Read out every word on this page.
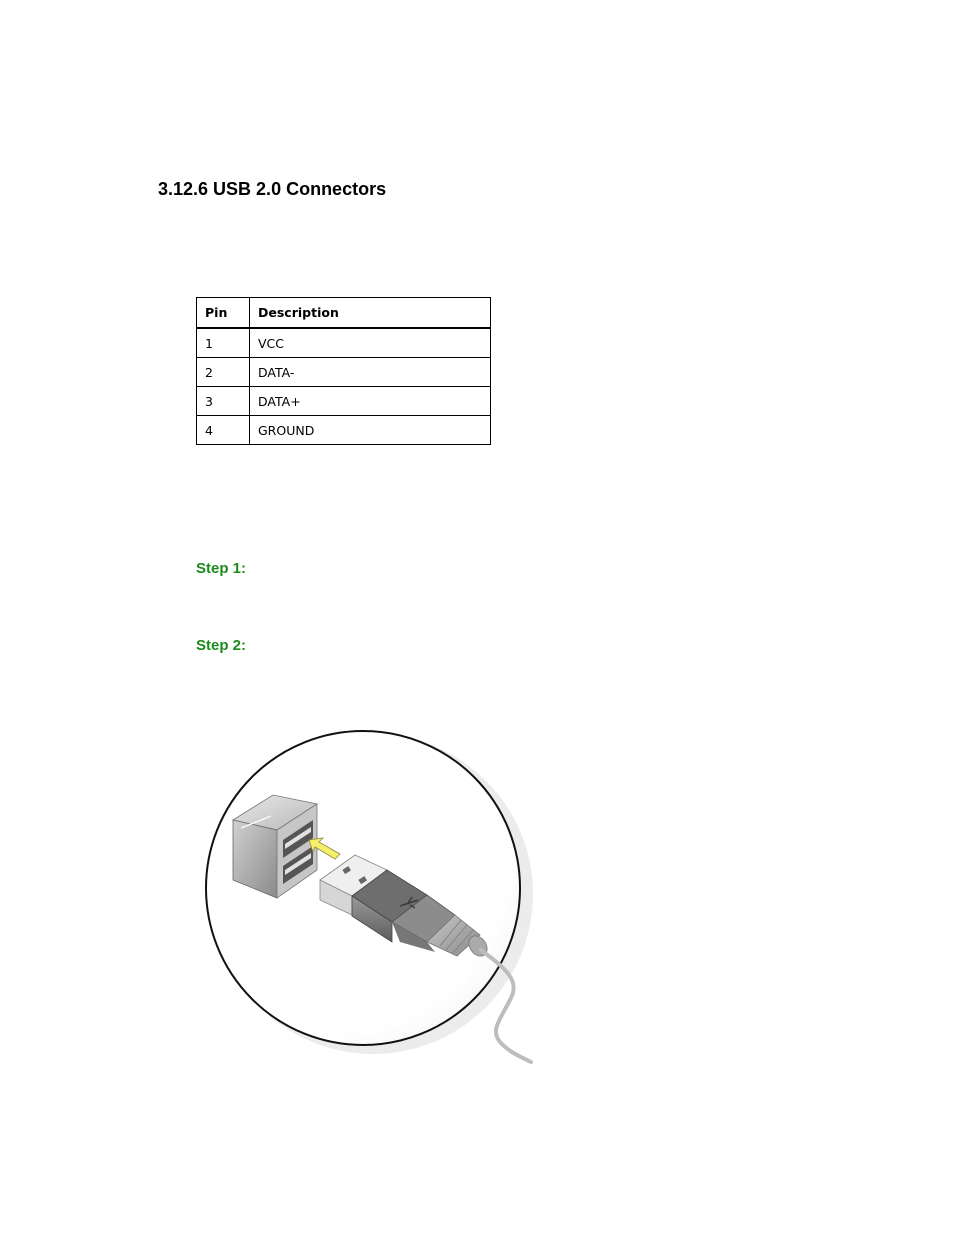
3.12.6 USB 2.0 Connectors
Pin	Description
1	VCC
2	DATA-
3	DATA+
4	GROUND
Step 1:
Step 2:
